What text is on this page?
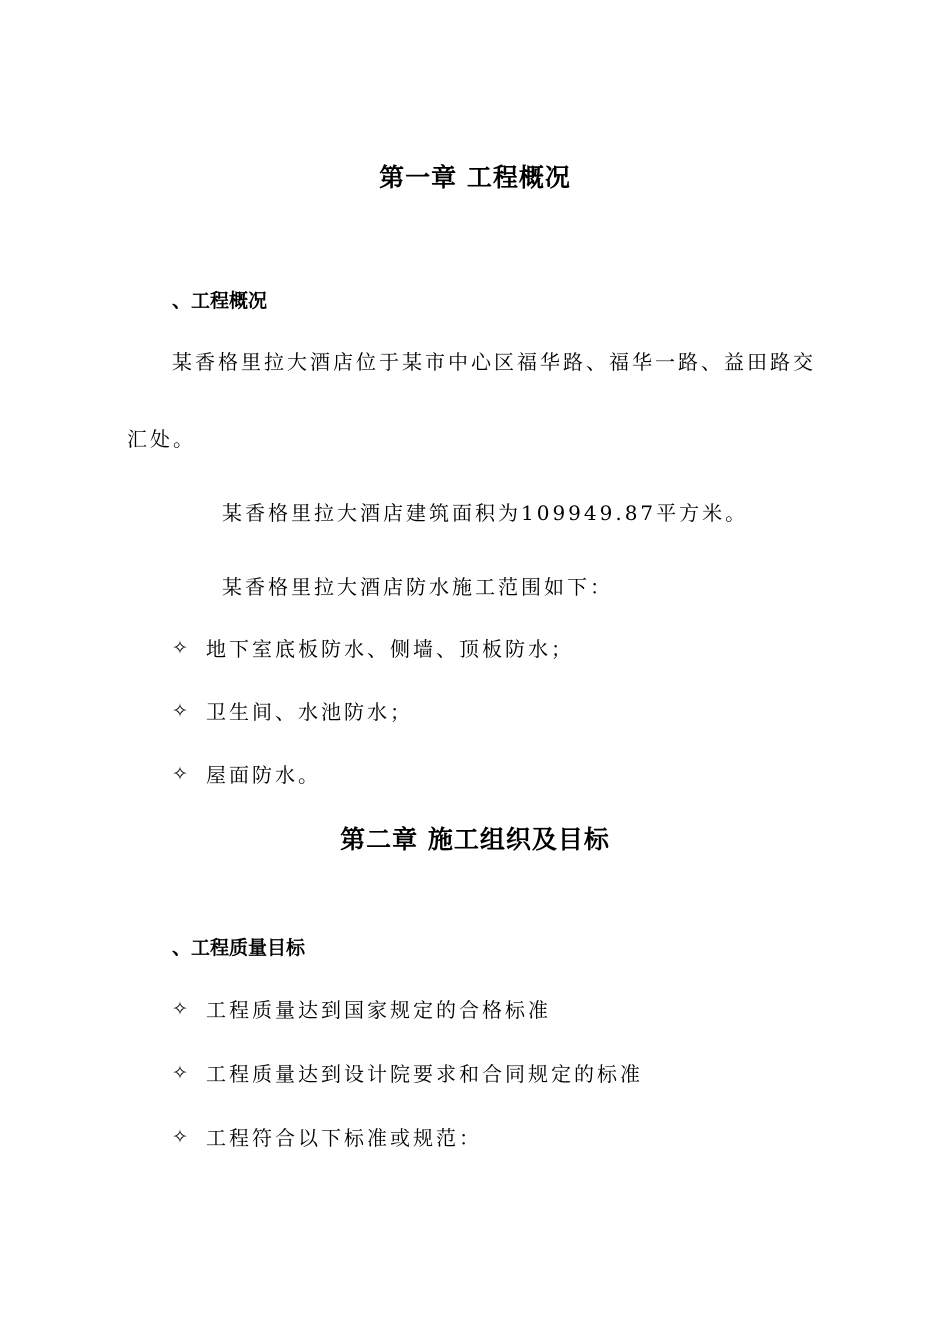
第一章 工程概况
、工程概况
某香格里拉大酒店位于某市中心区福华路、福华一路、益田路交
汇处。
某香格里拉大酒店建筑面积为109949.87平方米。
某香格里拉大酒店防水施工范围如下：
✧ 地下室底板防水、侧墙、顶板防水；
✧ 卫生间、水池防水；
✧ 屋面防水。
第二章 施工组织及目标
、工程质量目标
✧ 工程质量达到国家规定的合格标准
✧ 工程质量达到设计院要求和合同规定的标准
✧ 工程符合以下标准或规范：
